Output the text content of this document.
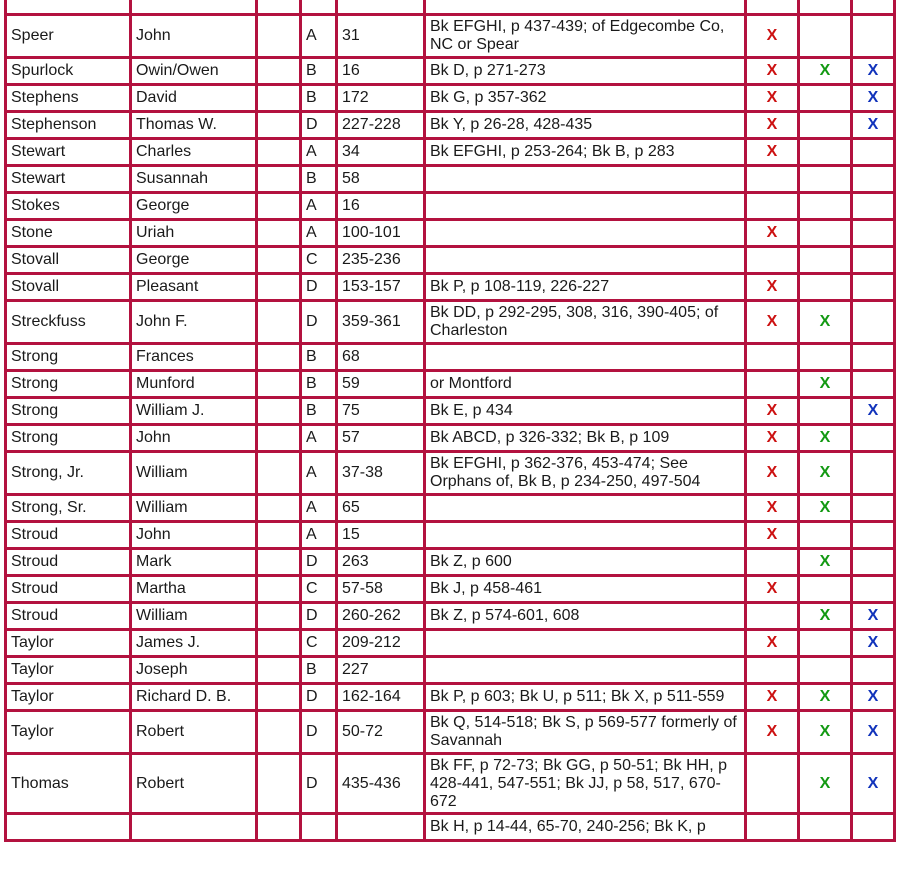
Speer	John		A	31	Bk EFGHI, p 437-439; of Edgecombe Co, NC or Spear	X		
Spurlock	Owin/Owen		B	16	Bk D, p 271-273	X	X	X
Stephens	David		B	172	Bk G, p 357-362	X		X
Stephenson	Thomas W.		D	227-228	Bk Y, p 26-28, 428-435	X		X
Stewart	Charles		A	34	Bk EFGHI, p 253-264; Bk B, p 283	X		
Stewart	Susannah		B	58				
Stokes	George		A	16				
Stone	Uriah		A	100-101		X		
Stovall	George		C	235-236				
Stovall	Pleasant		D	153-157	Bk P, p 108-119, 226-227	X		
Streckfuss	John F.		D	359-361	Bk DD, p 292-295, 308, 316, 390-405; of Charleston	X	X	
Strong	Frances		B	68				
Strong	Munford		B	59	or Montford		X	
Strong	William J.		B	75	Bk E, p 434	X		X
Strong	John		A	57	Bk ABCD, p 326-332; Bk B, p 109	X	X	
Strong, Jr.	William		A	37-38	Bk EFGHI, p 362-376, 453-474; See Orphans of, Bk B, p 234-250, 497-504	X	X	
Strong, Sr.	William		A	65		X	X	
Stroud	John		A	15		X		
Stroud	Mark		D	263	Bk Z, p 600		X	
Stroud	Martha		C	57-58	Bk J, p 458-461	X		
Stroud	William		D	260-262	Bk Z, p 574-601, 608		X	X
Taylor	James J.		C	209-212		X		X
Taylor	Joseph		B	227				
Taylor	Richard D. B.		D	162-164	Bk P, p 603; Bk U, p 511; Bk X, p 511-559	X	X	X
Taylor	Robert		D	50-72	Bk Q, 514-518; Bk S, p 569-577 formerly of Savannah	X	X	X
Thomas	Robert		D	435-436	Bk FF, p 72-73; Bk GG, p 50-51; Bk HH, p 428-441, 547-551; Bk JJ, p 58, 517, 670-672		X	X
					Bk H, p 14-44, 65-70, 240-256; Bk K, p			
